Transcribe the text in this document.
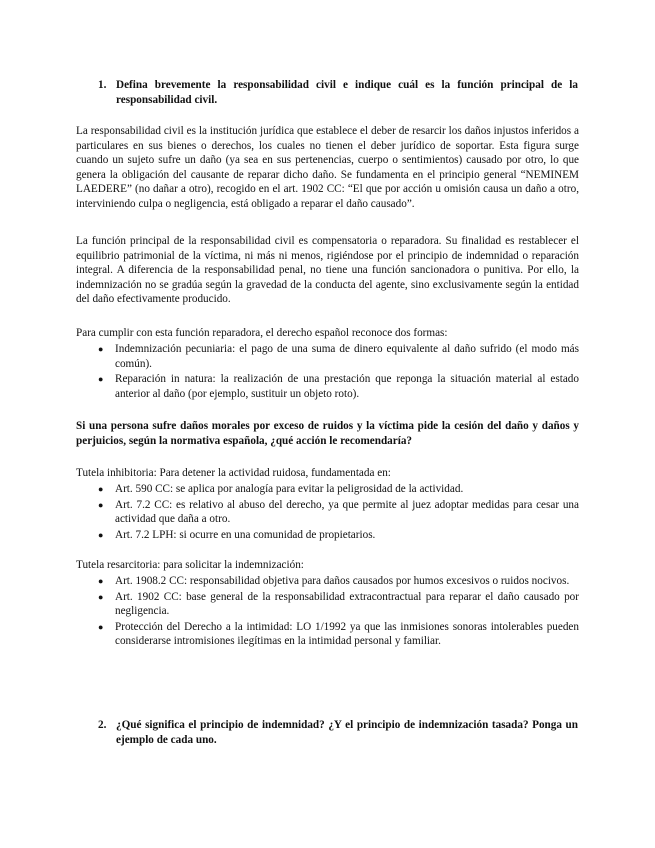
1. Defina brevemente la responsabilidad civil e indique cuál es la función principal de la responsabilidad civil.

La responsabilidad civil es la institución jurídica que establece el deber de resarcir los daños injustos inferidos a particulares en sus bienes o derechos, los cuales no tienen el deber jurídico de soportar. Esta figura surge cuando un sujeto sufre un daño (ya sea en sus pertenencias, cuerpo o sentimientos) causado por otro, lo que genera la obligación del causante de reparar dicho daño. Se fundamenta en el principio general “NEMINEM LAEDERE” (no dañar a otro), recogido en el art. 1902 CC: “El que por acción u omisión causa un daño a otro, interviniendo culpa o negligencia, está obligado a reparar el daño causado”.

La función principal de la responsabilidad civil es compensatoria o reparadora. Su finalidad es restablecer el equilibrio patrimonial de la víctima, ni más ni menos, rigiéndose por el principio de indemnidad o reparación integral. A diferencia de la responsabilidad penal, no tiene una función sancionadora o punitiva. Por ello, la indemnización no se gradúa según la gravedad de la conducta del agente, sino exclusivamente según la entidad del daño efectivamente producido.

Para cumplir con esta función reparadora, el derecho español reconoce dos formas:

● Indemnización pecuniaria: el pago de una suma de dinero equivalente al daño sufrido (el modo más común).
● Reparación in natura: la realización de una prestación que reponga la situación material al estado anterior al daño (por ejemplo, sustituir un objeto roto).
Si una persona sufre daños morales por exceso de ruidos y la víctima pide la cesión del daño y daños y perjuicios, según la normativa española, ¿qué acción le recomendaría?

Tutela inhibitoria: Para detener la actividad ruidosa, fundamentada en:

● Art. 590 CC: se aplica por analogía para evitar la peligrosidad de la actividad.
● Art. 7.2 CC: es relativo al abuso del derecho, ya que permite al juez adoptar medidas para cesar una actividad que daña a otro.
● Art. 7.2 LPH: si ocurre en una comunidad de propietarios.

Tutela resarcitoria: para solicitar la indemnización:

● Art. 1908.2 CC: responsabilidad objetiva para daños causados por humos excesivos o ruidos nocivos.
● Art. 1902 CC: base general de la responsabilidad extracontractual para reparar el daño causado por negligencia.
● Protección del Derecho a la intimidad: LO 1/1992 ya que las inmisiones sonoras intolerables pueden considerarse intromisiones ilegítimas en la intimidad personal y familiar.
2. ¿Qué significa el principio de indemnidad? ¿Y el principio de indemnización tasada? Ponga un ejemplo de cada uno.
